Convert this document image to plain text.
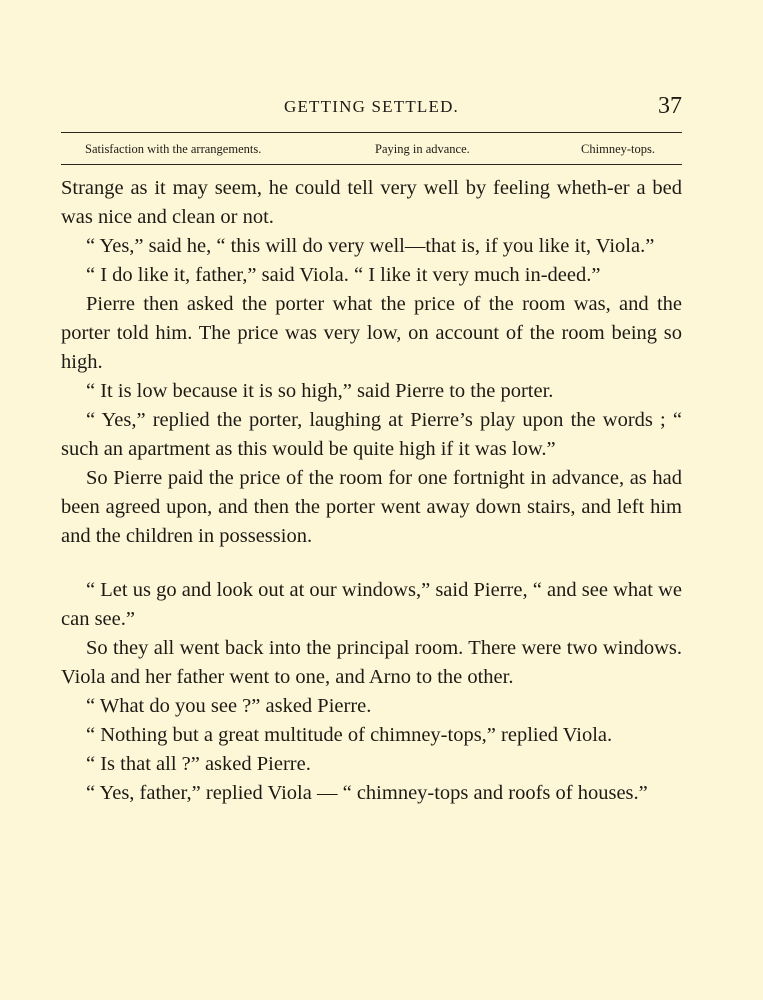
GETTING SETTLED.	37
Satisfaction with the arrangements.	Paying in advance.	Chimney-tops.

Strange as it may seem, he could tell very well by feeling wheth-er a bed was nice and clean or not.

“ Yes,” said he, “ this will do very well—that is, if you like it, Viola.”

“ I do like it, father,” said Viola. “ I like it very much in-deed.”

Pierre then asked the porter what the price of the room was, and the porter told him. The price was very low, on account of the room being so high.

“ It is low because it is so high,” said Pierre to the porter.

“ Yes,” replied the porter, laughing at Pierre’s play upon the words ; “ such an apartment as this would be quite high if it was low.”

So Pierre paid the price of the room for one fortnight in advance, as had been agreed upon, and then the porter went away down stairs, and left him and the children in possession.

“ Let us go and look out at our windows,” said Pierre, “ and see what we can see.”

So they all went back into the principal room. There were two windows. Viola and her father went to one, and Arno to the other.

“ What do you see ?” asked Pierre.

“ Nothing but a great multitude of chimney-tops,” replied Viola.

“ Is that all ?” asked Pierre.

“ Yes, father,” replied Viola — “ chimney-tops and roofs of houses.”
